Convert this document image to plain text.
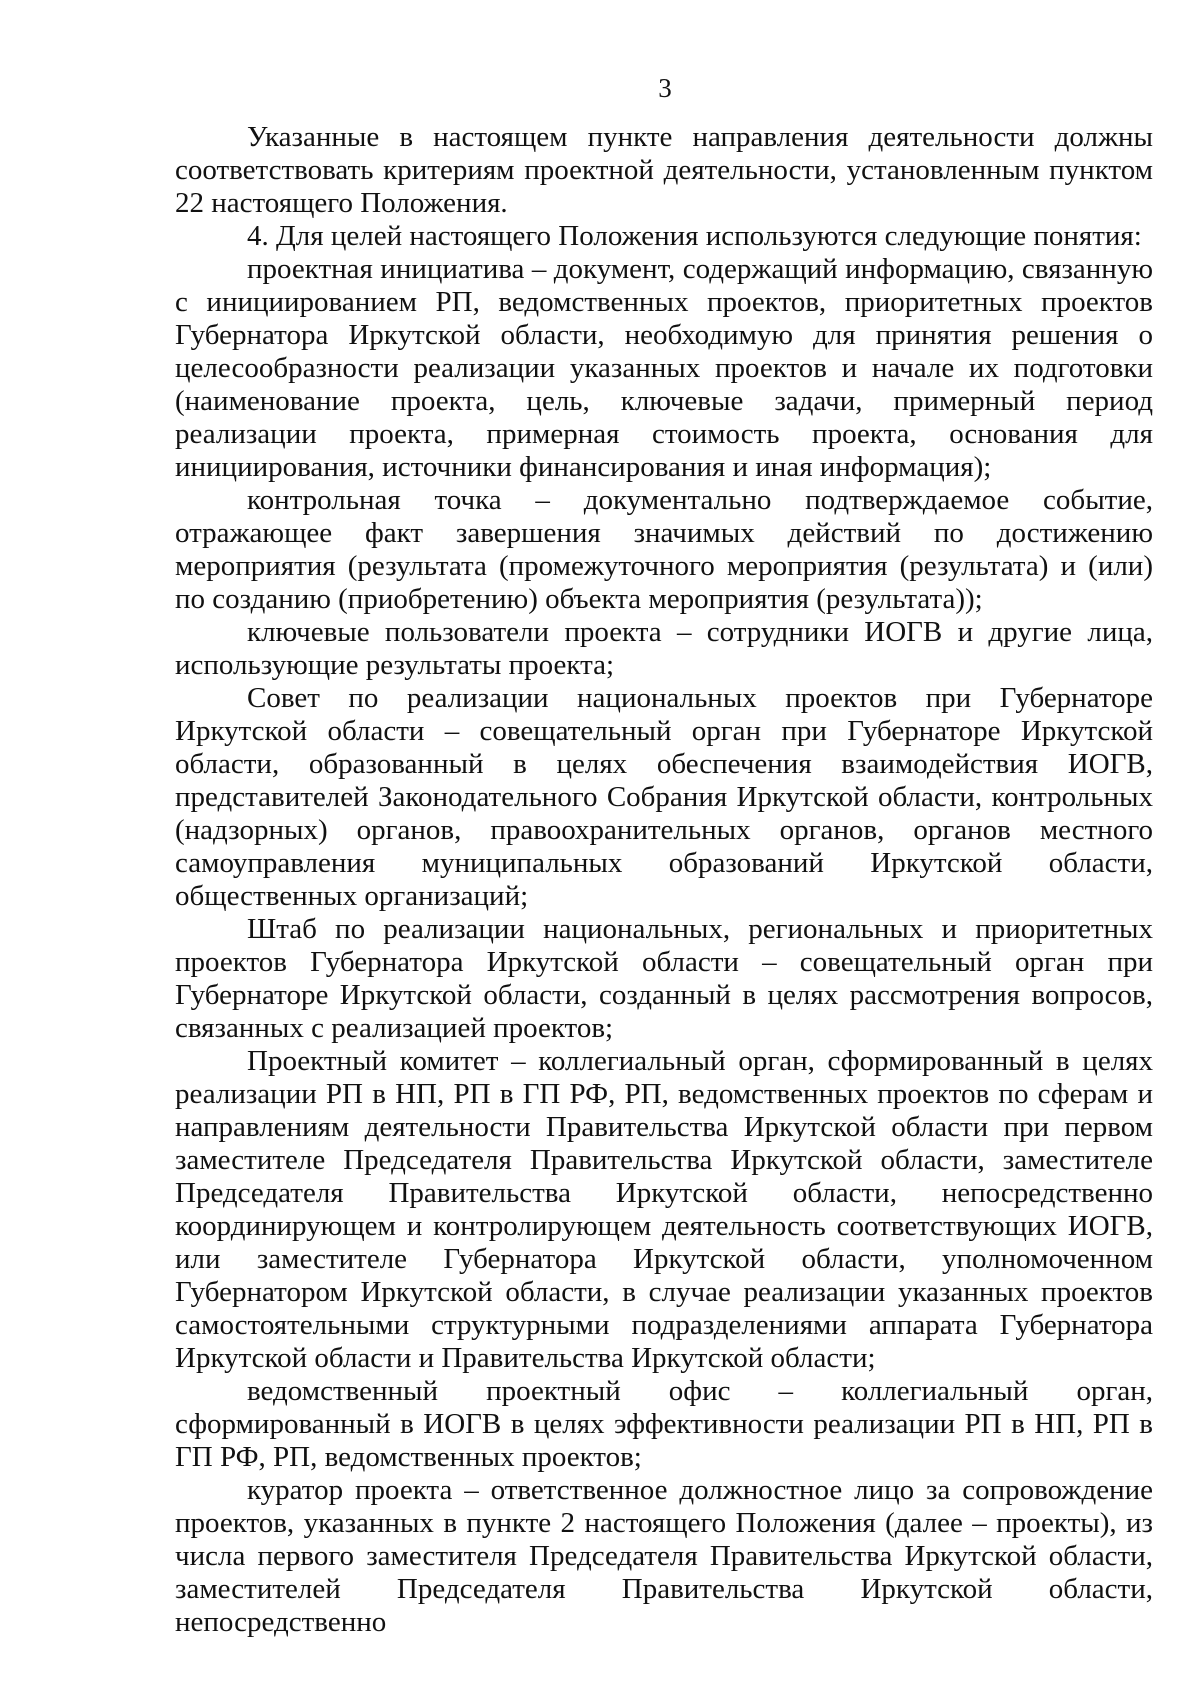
3

Указанные в настоящем пункте направления деятельности должны соответствовать критериям проектной деятельности, установленным пунктом 22 настоящего Положения.

4. Для целей настоящего Положения используются следующие понятия:

проектная инициатива – документ, содержащий информацию, связанную с инициированием РП, ведомственных проектов, приоритетных проектов Губернатора Иркутской области, необходимую для принятия решения о целесообразности реализации указанных проектов и начале их подготовки (наименование проекта, цель, ключевые задачи, примерный период реализации проекта, примерная стоимость проекта, основания для инициирования, источники финансирования и иная информация);

контрольная точка – документально подтверждаемое событие, отражающее факт завершения значимых действий по достижению мероприятия (результата (промежуточного мероприятия (результата) и (или) по созданию (приобретению) объекта мероприятия (результата));

ключевые пользователи проекта – сотрудники ИОГВ и другие лица, использующие результаты проекта;

Совет по реализации национальных проектов при Губернаторе Иркутской области – совещательный орган при Губернаторе Иркутской области, образованный в целях обеспечения взаимодействия ИОГВ, представителей Законодательного Собрания Иркутской области, контрольных (надзорных) органов, правоохранительных органов, органов местного самоуправления муниципальных образований Иркутской области, общественных организаций;

Штаб по реализации национальных, региональных и приоритетных проектов Губернатора Иркутской области – совещательный орган при Губернаторе Иркутской области, созданный в целях рассмотрения вопросов, связанных с реализацией проектов;

Проектный комитет – коллегиальный орган, сформированный в целях реализации РП в НП, РП в ГП РФ, РП, ведомственных проектов по сферам и направлениям деятельности Правительства Иркутской области при первом заместителе Председателя Правительства Иркутской области, заместителе Председателя Правительства Иркутской области, непосредственно координирующем и контролирующем деятельность соответствующих ИОГВ, или заместителе Губернатора Иркутской области, уполномоченном Губернатором Иркутской области, в случае реализации указанных проектов самостоятельными структурными подразделениями аппарата Губернатора Иркутской области и Правительства Иркутской области;

ведомственный проектный офис – коллегиальный орган, сформированный в ИОГВ в целях эффективности реализации РП в НП, РП в ГП РФ, РП, ведомственных проектов;

куратор проекта – ответственное должностное лицо за сопровождение проектов, указанных в пункте 2 настоящего Положения (далее – проекты), из числа первого заместителя Председателя Правительства Иркутской области, заместителей Председателя Правительства Иркутской области, непосредственно
